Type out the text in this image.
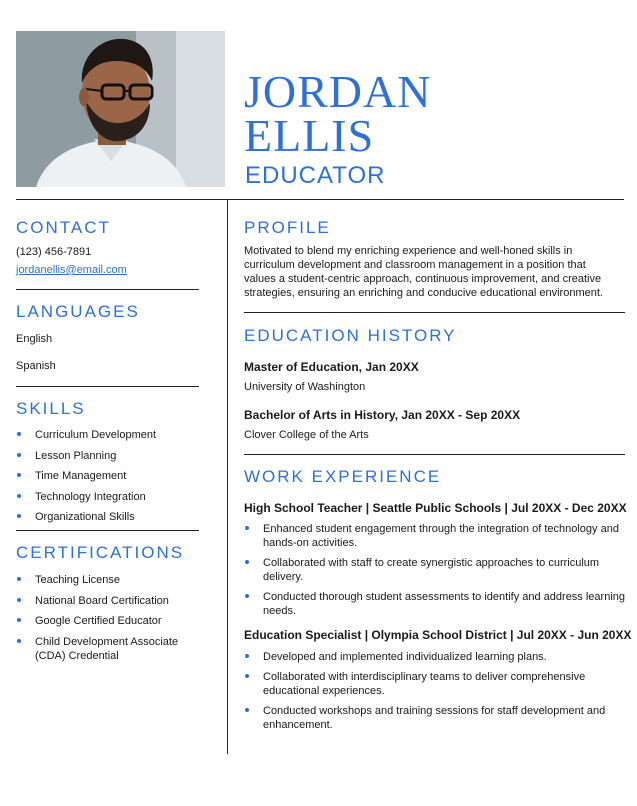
JORDAN
ELLIS
EDUCATOR
CONTACT
(123) 456-7891
jordanellis@email.com
LANGUAGES
English
Spanish
SKILLS
Curriculum Development
Lesson Planning
Time Management
Technology Integration
Organizational Skills
CERTIFICATIONS
Teaching License
National Board Certification
Google Certified Educator
Child Development Associate (CDA) Credential
PROFILE
Motivated to blend my enriching experience and well-honed skills in curriculum development and classroom management in a position that values a student-centric approach, continuous improvement, and creative strategies, ensuring an enriching and conducive educational environment.
EDUCATION HISTORY
Master of Education, Jan 20XX
University of Washington
Bachelor of Arts in History, Jan 20XX - Sep 20XX
Clover College of the Arts
WORK EXPERIENCE
High School Teacher | Seattle Public Schools | Jul 20XX - Dec 20XX
Enhanced student engagement through the integration of technology and hands-on activities.
Collaborated with staff to create synergistic approaches to curriculum delivery.
Conducted thorough student assessments to identify and address learning needs.
Education Specialist | Olympia School District | Jul 20XX - Jun 20XX
Developed and implemented individualized learning plans.
Collaborated with interdisciplinary teams to deliver comprehensive educational experiences.
Conducted workshops and training sessions for staff development and enhancement.
